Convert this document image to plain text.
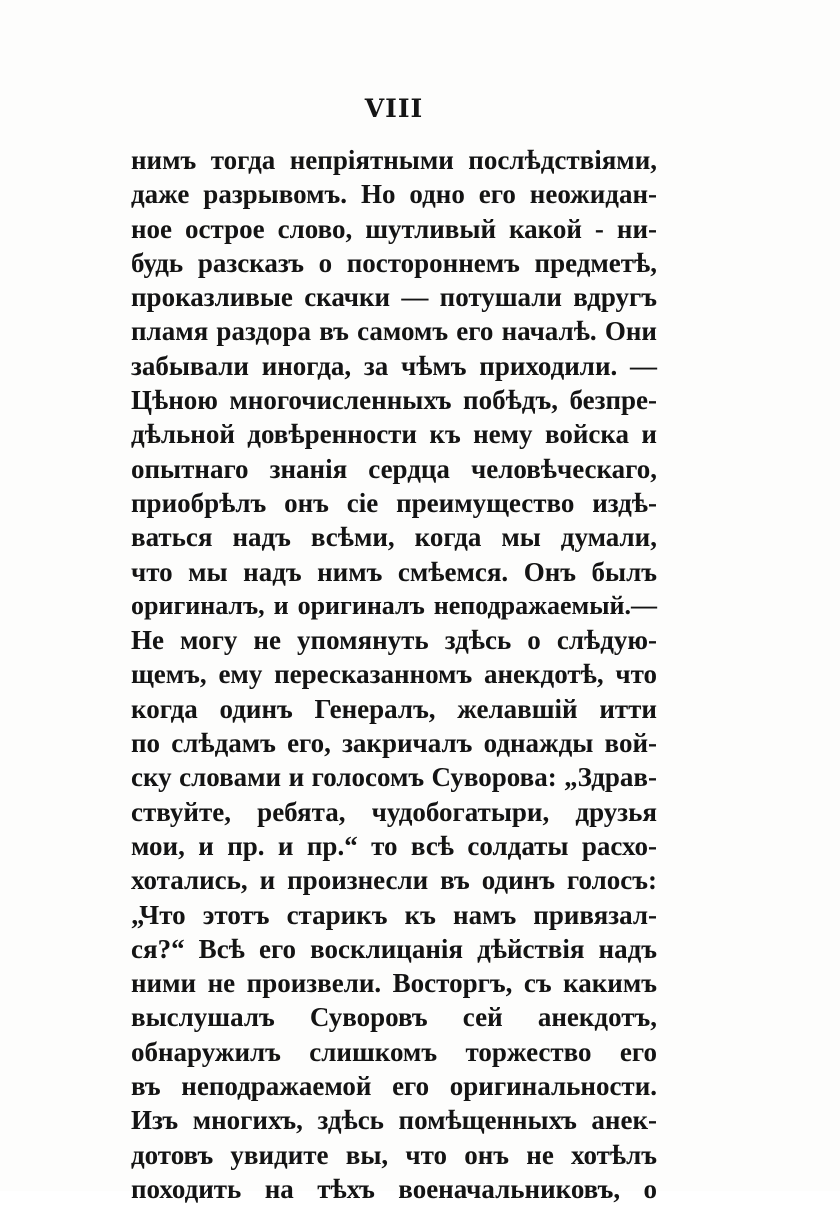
VIII
нимъ тогда непріятными послѣдствіями,
даже разрывомъ. Но одно его неожидан-
ное острое слово, шутливый какой - ни-
будь разсказъ о постороннемъ предметѣ,
проказливые скачки — потушали вдругъ
пламя раздора въ самомъ его началѣ. Они
забывали иногда, за чѣмъ приходили. —
Цѣною многочисленныхъ побѣдъ, безпре-
дѣльной довѣренности къ нему войска и
опытнаго знанія сердца человѣческаго,
приобрѣлъ онъ сіе преимущество издѣ-
ваться надъ всѣми, когда мы думали,
что мы надъ нимъ смѣемся. Онъ былъ
оригиналъ, и оригиналъ неподражаемый.—
Не могу не упомянуть здѣсь о слѣдую-
щемъ, ему пересказанномъ анекдотѣ, что
когда одинъ Генералъ, желавшій итти
по слѣдамъ его, закричалъ однажды вой-
ску словами и голосомъ Суворова: „Здрав-
ствуйте, ребята, чудобогатыри, друзья
мои, и пр. и пр.“ то всѣ солдаты расхо-
хотались, и произнесли въ одинъ голосъ:
„Что этотъ старикъ къ намъ привязал-
ся?“ Всѣ его восклицанія дѣйствія надъ
ними не произвели. Восторгъ, съ какимъ
выслушалъ Суворовъ сей анекдотъ,
обнаружилъ слишкомъ торжество его
въ неподражаемой его оригинальности.
Изъ многихъ, здѣсь помѣщенныхъ анек-
дотовъ увидите вы, что онъ не хотѣлъ
походить на тѣхъ военачальниковъ, о
